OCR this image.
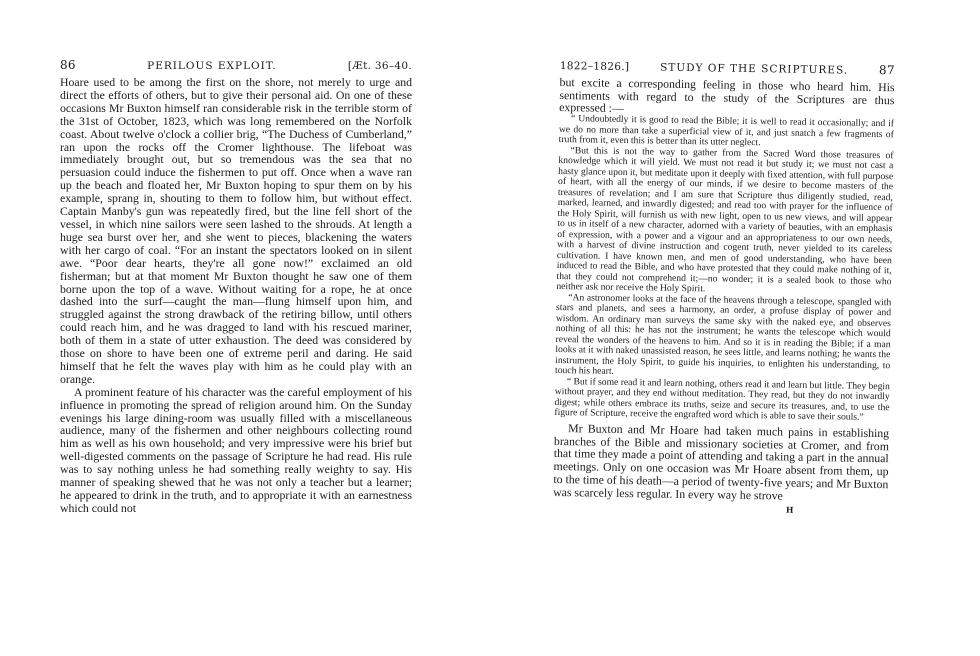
86	PERILOUS EXPLOIT.	[Æt. 36–40.

Hoare used to be among the first on the shore, not merely to urge and direct the efforts of others, but to give their personal aid. On one of these occasions Mr Buxton himself ran considerable risk in the terrible storm of the 31st of October, 1823, which was long remembered on the Norfolk coast. About twelve o'clock a collier brig, “The Duchess of Cumberland,” ran upon the rocks off the Cromer lighthouse. The lifeboat was immediately brought out, but so tremendous was the sea that no persuasion could induce the fishermen to put off. Once when a wave ran up the beach and floated her, Mr Buxton hoping to spur them on by his example, sprang in, shouting to them to follow him, but without effect. Captain Manby's gun was repeatedly fired, but the line fell short of the vessel, in which nine sailors were seen lashed to the shrouds. At length a huge sea burst over her, and she went to pieces, blackening the waters with her cargo of coal. “For an instant the spectators looked on in silent awe. “Poor dear hearts, they're all gone now!” exclaimed an old fisherman; but at that moment Mr Buxton thought he saw one of them borne upon the top of a wave. Without waiting for a rope, he at once dashed into the surf—caught the man—flung himself upon him, and struggled against the strong drawback of the retiring billow, until others could reach him, and he was dragged to land with his rescued mariner, both of them in a state of utter exhaustion. The deed was considered by those on shore to have been one of extreme peril and daring. He said himself that he felt the waves play with him as he could play with an orange.

A prominent feature of his character was the careful employment of his influence in promoting the spread of religion around him. On the Sunday evenings his large dining-room was usually filled with a miscellaneous audience, many of the fishermen and other neighbours collecting round him as well as his own household; and very impressive were his brief but well-digested comments on the passage of Scripture he had read. His rule was to say nothing unless he had something really weighty to say. His manner of speaking shewed that he was not only a teacher but a learner; he appeared to drink in the truth, and to appropriate it with an earnestness which could not

1822–1826.]	STUDY OF THE SCRIPTURES.	87

but excite a corresponding feeling in those who heard him. His sentiments with regard to the study of the Scriptures are thus expressed :—

“ Undoubtedly it is good to read the Bible; it is well to read it occasionally; and if we do no more than take a superficial view of it, and just snatch a few fragments of truth from it, even this is better than its utter neglect.

“But this is not the way to gather from the Sacred Word those treasures of knowledge which it will yield. We must not read it but study it; we must not cast a hasty glance upon it, but meditate upon it deeply with fixed attention, with full purpose of heart, with all the energy of our minds, if we desire to become masters of the treasures of revelation; and I am sure that Scripture thus diligently studied, read, marked, learned, and inwardly digested; and read too with prayer for the influence of the Holy Spirit, will furnish us with new light, open to us new views, and will appear to us in itself of a new character, adorned with a variety of beauties, with an emphasis of expression, with a power and a vigour and an appropriateness to our own needs, with a harvest of divine instruction and cogent truth, never yielded to its careless cultivation. I have known men, and men of good understanding, who have been induced to read the Bible, and who have protested that they could make nothing of it, that they could not comprehend it;—no wonder; it is a sealed book to those who neither ask nor receive the Holy Spirit.

“An astronomer looks at the face of the heavens through a telescope, spangled with stars and planets, and sees a harmony, an order, a profuse display of power and wisdom. An ordinary man surveys the same sky with the naked eye, and observes nothing of all this: he has not the instrument; he wants the telescope which would reveal the wonders of the heavens to him. And so it is in reading the Bible; if a man looks at it with naked unassisted reason, he sees little, and learns nothing; he wants the instrument, the Holy Spirit, to guide his inquiries, to enlighten his understanding, to touch his heart.

“ But if some read it and learn nothing, others read it and learn but little. They begin without prayer, and they end without meditation. They read, but they do not inwardly digest; while others embrace its truths, seize and secure its treasures, and, to use the figure of Scripture, receive the engrafted word which is able to save their souls.”

Mr Buxton and Mr Hoare had taken much pains in establishing branches of the Bible and missionary societies at Cromer, and from that time they made a point of attending and taking a part in the annual meetings. Only on one occasion was Mr Hoare absent from them, up to the time of his death—a period of twenty-five years; and Mr Buxton was scarcely less regular. In every way he strove

H
